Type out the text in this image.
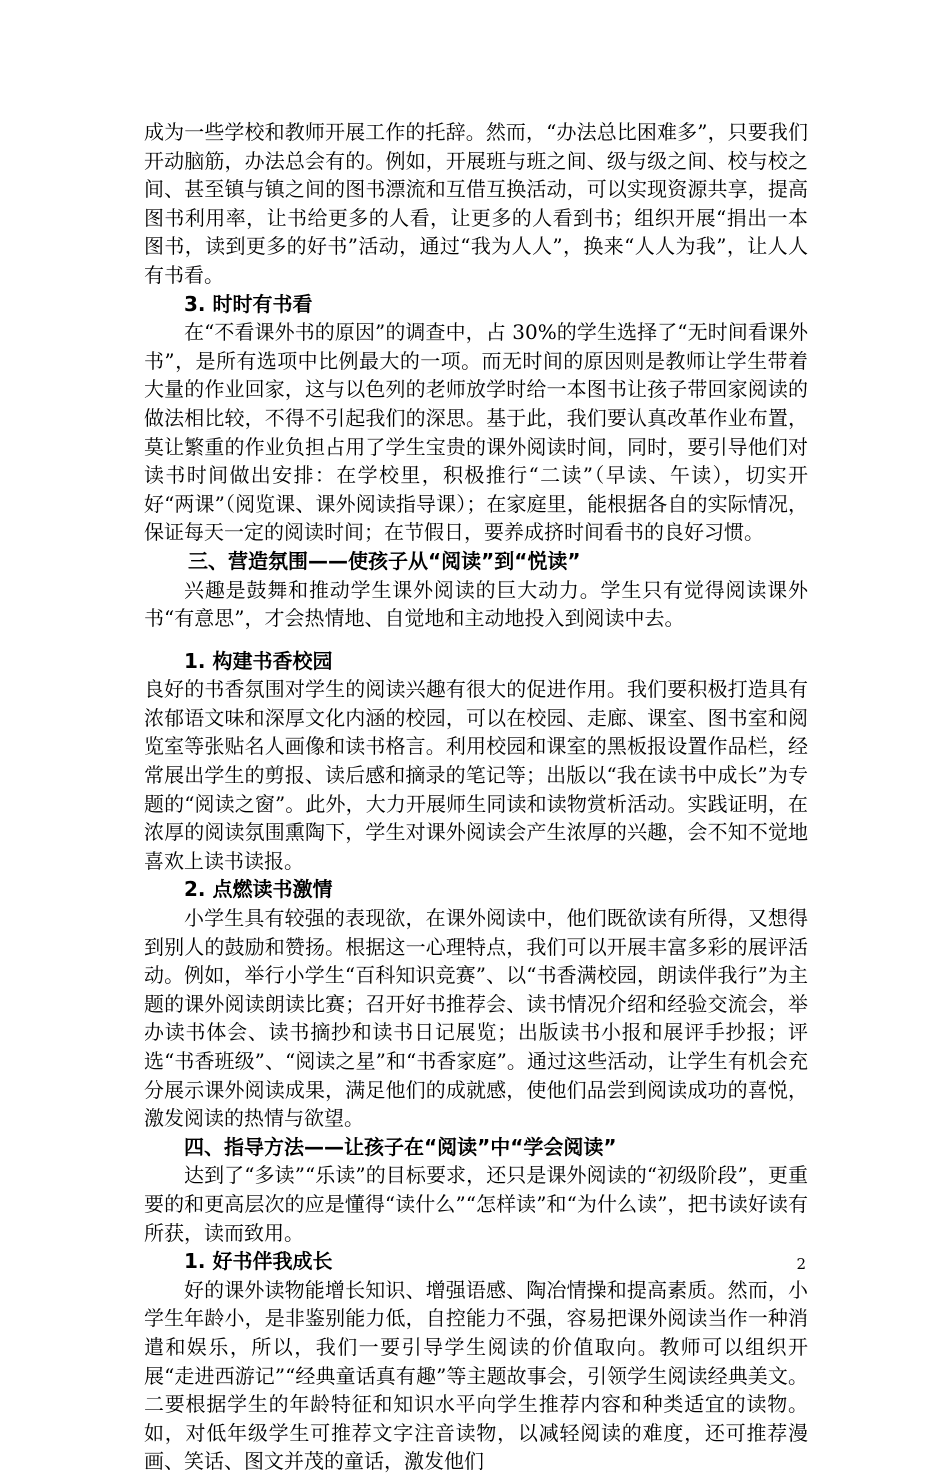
成为一些学校和教师开展工作的托辞。然而，“办法总比困难多”，只要我们开动脑筋，办法总会有的。例如，开展班与班之间、级与级之间、校与校之间、甚至镇与镇之间的图书漂流和互借互换活动，可以实现资源共享，提高图书利用率，让书给更多的人看，让更多的人看到书；组织开展“捐出一本图书，读到更多的好书”活动，通过“我为人人”，换来“人人为我”，让人人有书看。

3. 时时有书看

在“不看课外书的原因”的调查中，占 30%的学生选择了“无时间看课外书”，是所有选项中比例最大的一项。而无时间的原因则是教师让学生带着大量的作业回家，这与以色列的老师放学时给一本图书让孩子带回家阅读的做法相比较，不得不引起我们的深思。基于此，我们要认真改革作业布置，莫让繁重的作业负担占用了学生宝贵的课外阅读时间，同时，要引导他们对读书时间做出安排：在学校里，积极推行“二读”（早读、午读），切实开好“两课”（阅览课、课外阅读指导课）；在家庭里，能根据各自的实际情况，保证每天一定的阅读时间；在节假日，要养成挤时间看书的良好习惯。

三、营造氛围——使孩子从“阅读”到“悦读”

兴趣是鼓舞和推动学生课外阅读的巨大动力。学生只有觉得阅读课外书“有意思”，才会热情地、自觉地和主动地投入到阅读中去。

1. 构建书香校园

良好的书香氛围对学生的阅读兴趣有很大的促进作用。我们要积极打造具有浓郁语文味和深厚文化内涵的校园，可以在校园、走廊、课室、图书室和阅览室等张贴名人画像和读书格言。利用校园和课室的黑板报设置作品栏，经常展出学生的剪报、读后感和摘录的笔记等；出版以“我在读书中成长”为专题的“阅读之窗”。此外，大力开展师生同读和读物赏析活动。实践证明，在浓厚的阅读氛围熏陶下，学生对课外阅读会产生浓厚的兴趣，会不知不觉地喜欢上读书读报。

2. 点燃读书激情

小学生具有较强的表现欲，在课外阅读中，他们既欲读有所得，又想得到别人的鼓励和赞扬。根据这一心理特点，我们可以开展丰富多彩的展评活动。例如，举行小学生“百科知识竞赛”、以“书香满校园，朗读伴我行”为主题的课外阅读朗读比赛；召开好书推荐会、读书情况介绍和经验交流会，举办读书体会、读书摘抄和读书日记展览；出版读书小报和展评手抄报；评选“书香班级”、“阅读之星”和“书香家庭”。通过这些活动，让学生有机会充分展示课外阅读成果，满足他们的成就感，使他们品尝到阅读成功的喜悦，激发阅读的热情与欲望。

四、指导方法——让孩子在“阅读”中“学会阅读”

达到了“多读”“乐读”的目标要求，还只是课外阅读的“初级阶段”，更重要的和更高层次的应是懂得“读什么”“怎样读”和“为什么读”，把书读好读有所获，读而致用。

1. 好书伴我成长

好的课外读物能增长知识、增强语感、陶冶情操和提高素质。然而，小学生年龄小，是非鉴别能力低，自控能力不强，容易把课外阅读当作一种消遣和娱乐，所以，我们一要引导学生阅读的价值取向。教师可以组织开展“走进西游记”“经典童话真有趣”等主题故事会，引领学生阅读经典美文。二要根据学生的年龄特征和知识水平向学生推荐内容和种类适宜的读物。如，对低年级学生可推荐文字注音读物，以减轻阅读的难度，还可推荐漫画、笑话、图文并茂的童话，激发他们

2
